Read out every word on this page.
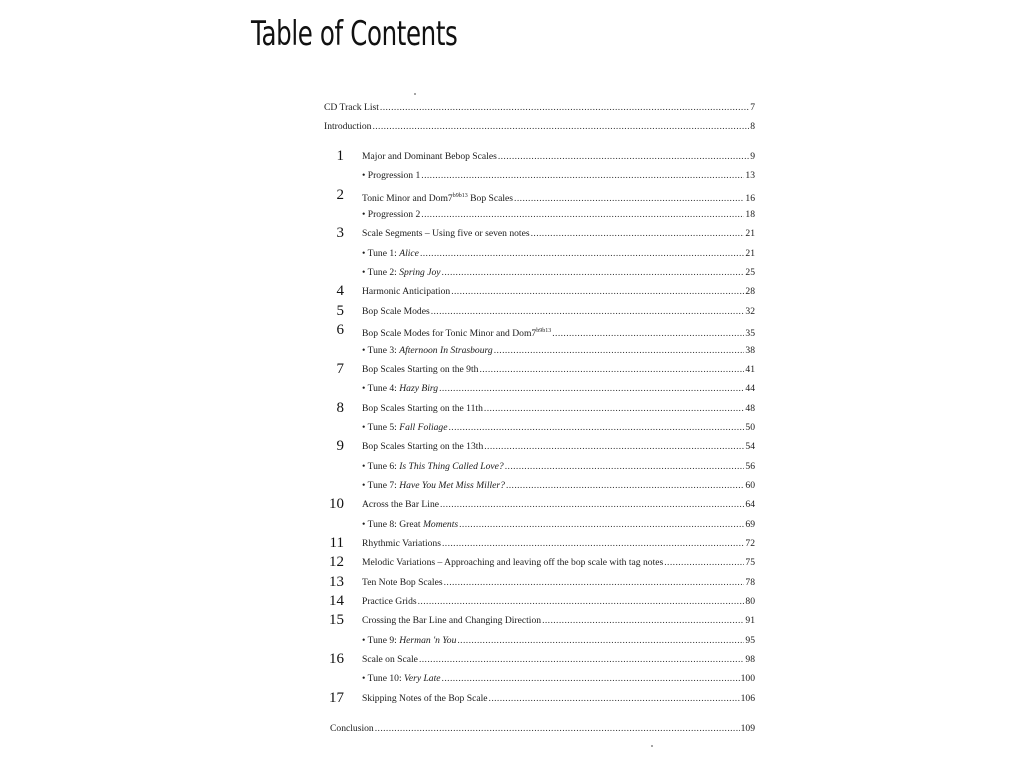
Table of Contents
CD Track List .....	7
Introduction .....	8
1 Major and Dominant Bebop Scales .....	9
• Progression 1 .....	13
2 Tonic Minor and $Dom7^{b9b13}$ Bop Scales .....	16
• Progression 2 .....	18
3 Scale Segments – Using five or seven notes .....	21
• Tune 1: Alice .....	21
• Tune 2: Spring Joy .....	25
4 Harmonic Anticipation .....	28
5 Bop Scale Modes .....	32
6 Bop Scale Modes for Tonic Minor and $Dom7^{b9b13}$ .....	35
• Tune 3: Afternoon In Strasbourg .....	38
7 Bop Scales Starting on the 9th .....	41
• Tune 4: Hazy Birg .....	44
8 Bop Scales Starting on the 11th .....	48
• Tune 5: Fall Foliage .....	50
9 Bop Scales Starting on the 13th .....	54
• Tune 6: Is This Thing Called Love? .....	56
• Tune 7: Have You Met Miss Miller? .....	60
10 Across the Bar Line .....	64
• Tune 8: Great Moments .....	69
11 Rhythmic Variations .....	72
12 Melodic Variations – Approaching and leaving off the bop scale with tag notes .....	75
13 Ten Note Bop Scales .....	78
14 Practice Grids .....	80
15 Crossing the Bar Line and Changing Direction .....	91
• Tune 9: Herman 'n You .....	95
16 Scale on Scale .....	98
• Tune 10: Very Late .....	100
17 Skipping Notes of the Bop Scale .....	106
Conclusion .....	109
